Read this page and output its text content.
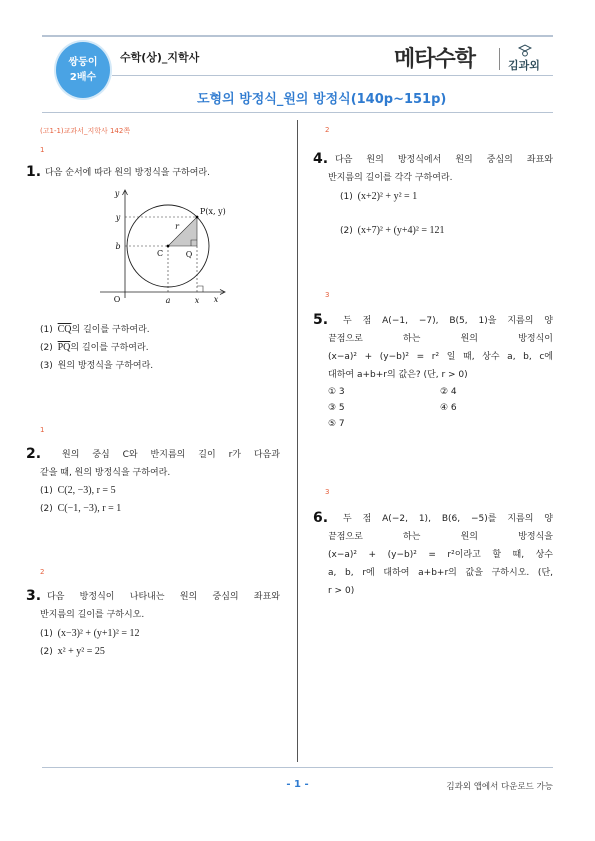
쌍둥이
2배수
수학(상)_지학사	메타수학	김과외
도형의 방정식_원의 방정식(140p~151p)
(고1-1)교과서_지학사 142쪽
1
1. 다음 순서에 따라 원의 방정식을 구하여라.
y
y
b
O	a	x x
C	Q
r
P(x, y)
(1) $\overline{CQ}$의 길이를 구하여라.
(2) $\overline{PQ}$의 길이를 구하여라.
(3) 원의 방정식을 구하여라.
1
2.	원의 중심 C와 반지름의 길이 r가 다음과
같을 때, 원의 방정식을 구하여라.
(1) C(2, −3), r = 5
(2) C(−1, −3), r = 1
2
3. 다음 방정식이 나타내는 원의 중심의 좌표와
반지름의 길이를 구하시오.
(1) (x−3)² + (y+1)² = 12
(2) x² + y² = 25
2
4. 다음 원의 방정식에서 원의 중심의 좌표와
반지름의 길이를 각각 구하여라.
(1) (x+2)² + y² = 1
(2) (x+7)² + (y+4)² = 121
3
5.	두 점 A(−1, −7), B(5, 1)을 지름의 양
끝점으로 하는 원의 방정식이
(x−a)² + (y−b)² = r² 일 때, 상수 a, b, c에
대하여 a+b+r의 값은? (단, r > 0)
① 3	② 4
③ 5	④ 6
⑤ 7
3
6.	두 점 A(−2, 1), B(6, −5)를 지름의 양
끝점으로 하는 원의 방정식을
(x−a)² + (y−b)² = r²이라고 할 때, 상수
a, b, r에 대하여 a+b+r의 값을 구하시오. (단,
r > 0)
- 1 -	김과외 앱에서 다운로드 가능
